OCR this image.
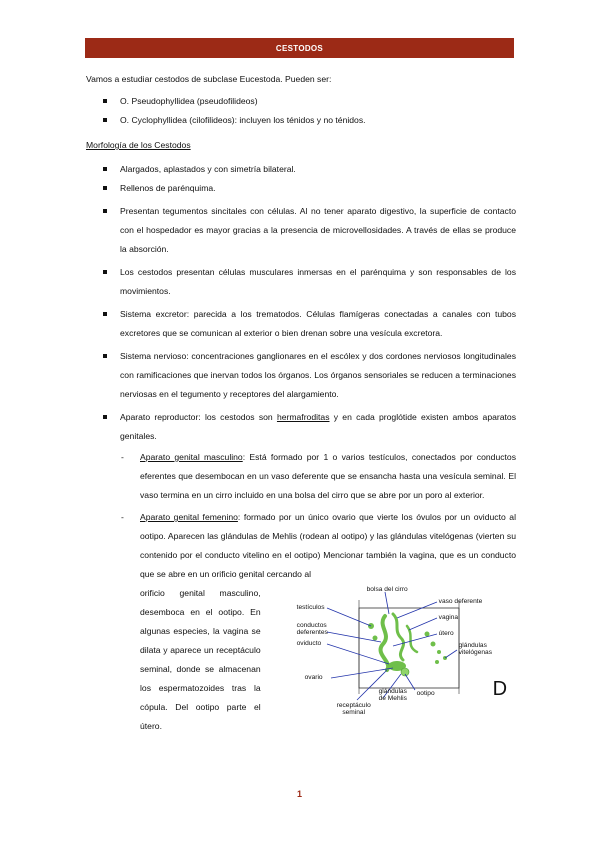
CESTODOS

Vamos a estudiar cestodos de subclase Eucestoda. Pueden ser:

O. Pseudophyllidea (pseudofilideos)
O. Cyclophyllidea (cilofilideos): incluyen los ténidos y no ténidos.

Morfología de los Cestodos

Alargados, aplastados y con simetría bilateral.
Rellenos de parénquima.
Presentan tegumentos sincitales con células. Al no tener aparato digestivo, la superficie de contacto con el hospedador es mayor gracias a la presencia de microvellosidades. A través de ellas se produce la absorción.
Los cestodos presentan células musculares inmersas en el parénquima y son responsables de los movimientos.
Sistema excretor: parecida a los trematodos. Células flamígeras conectadas a canales con tubos excretores que se comunican al exterior o bien drenan sobre una vesícula excretora.
Sistema nervioso: concentraciones ganglionares en el escólex y dos cordones nerviosos longitudinales con ramificaciones que inervan todos los órganos. Los órganos sensoriales se reducen a terminaciones nerviosas en el tegumento y receptores del alargamiento.
Aparato reproductor: los cestodos son hermafroditas y en cada proglótide existen ambos aparatos genitales.
- Aparato genital masculino: Está formado por 1 o varios testículos, conectados por conductos eferentes que desembocan en un vaso deferente que se ensancha hasta una vesícula seminal. El vaso termina en un cirro incluido en una bolsa del cirro que se abre por un poro al exterior.
- Aparato genital femenino: formado por un único ovario que vierte los óvulos por un oviducto al ootipo. Aparecen las glándulas de Mehlis (rodean al ootipo) y las glándulas vitelógenas (vierten su contenido por el conducto vitelino en el ootipo) Mencionar también la vagina, que es un conducto que se abre en un orificio genital cercando al
orificio genital masculino, desemboca en el ootipo. En algunas especies, la vagina se dilata y aparece un receptáculo seminal, donde se almacenan los espermatozoides tras la cópula. Del ootipo parte el útero.
bolsa del cirro
testículos
vaso deferente
vagina
conductos
deferentes
oviducto
útero
glándulas
vitelógenas
ovario
glándulas
de Mehlis
ootipo
receptáculo
seminal
D
1
